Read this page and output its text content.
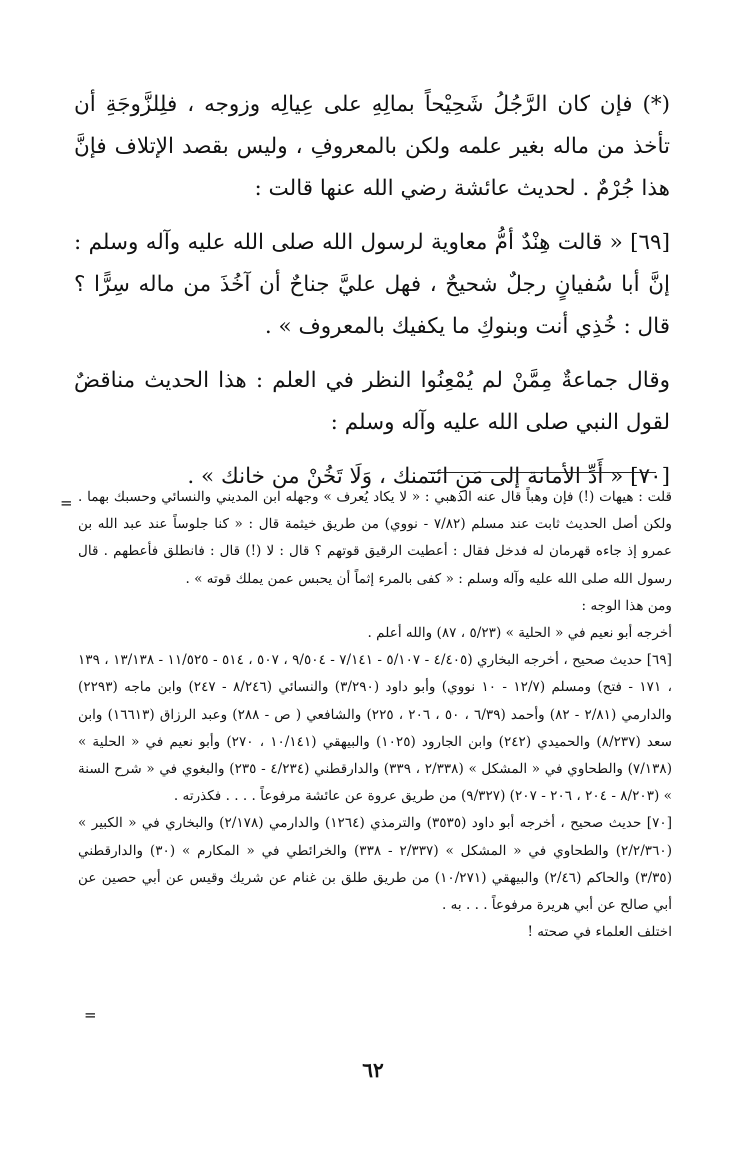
(*) فإن كان الرَّجُلُ شَحِيْحاً بمالِهِ على عِيالِه وزوجه ، فلِلزَّوجَةِ أن تأخذ من ماله بغير علمه ولكن بالمعروفِ ، وليس بقصد الإتلاف فإنَّ هذا جُرْمٌ . لحديث عائشة رضي الله عنها قالت :

[٦٩] « قالت هِنْدٌ أمُّ معاوية لرسول الله صلى الله عليه وآله وسلم : إنَّ أبا سُفيانٍ رجلٌ شحيحٌ ، فهل عليَّ جناحٌ أن آخُذَ من ماله سِرًّا ؟ قال : خُذِي أنت وبنوكِ ما يكفيك بالمعروف » .

وقال جماعةٌ مِمَّنْ لم يُمْعِنُوا النظر في العلم : هذا الحديث مناقضٌ لقول النبي صلى الله عليه وآله وسلم :

[٧٠] « أَدِّ الأمانة إلى مَنِ ائتمنك ، وَلَا تَخُنْ من خانك » .

= قلت : هيهات (!) فإن وهباً قال عنه الذهبي : « لا يكاد يُعرف » وجهله ابن المديني والنسائي وحسبك بهما . ولكن أصل الحديث ثابت عند مسلم (٧/٨٢ - نووي) من طريق خيثمة قال : « كنا جلوساً عند عبد الله بن عمرو إذ جاءه قهرمان له فدخل فقال : أعطيت الرقيق قوتهم ؟ قال : لا (!) قال : فانطلق فأعطهم . قال رسول الله صلى الله عليه وآله وسلم : « كفى بالمرء إثماً أن يحبس عمن يملك قوته » .

ومن هذا الوجه :

أخرجه أبو نعيم في « الحلية » (٥/٢٣ ، ٨٧) والله أعلم .

[٦٩] حديث صحيح ، أخرجه البخاري (٤/٤٠٥ - ٥/١٠٧ - ٧/١٤١ - ٩/٥٠٤ ، ٥٠٧ ، ٥١٤ - ١١/٥٢٥ - ١٣/١٣٨ ، ١٣٩ ، ١٧١ - فتح) ومسلم (١٢/٧ - ١٠ نووي) وأبو داود (٣/٢٩٠) والنسائي (٨/٢٤٦ - ٢٤٧) وابن ماجه (٢٢٩٣) والدارمي (٢/٨١ - ٨٢) وأحمد (٦/٣٩ ، ٥٠ ، ٢٠٦ ، ٢٢٥) والشافعي ( ص - ٢٨٨) وعبد الرزاق (١٦٦١٣) وابن سعد (٨/٢٣٧) والحميدي (٢٤٢) وابن الجارود (١٠٢٥) والبيهقي (١٠/١٤١ ، ٢٧٠) وأبو نعيم في « الحلية » (٧/١٣٨) والطحاوي في « المشكل » (٢/٣٣٨ ، ٣٣٩) والدارقطني (٤/٢٣٤ - ٢٣٥) والبغوي في « شرح السنة » (٨/٢٠٣ - ٢٠٤ ، ٢٠٦ - ٢٠٧) (٩/٣٢٧) من طريق عروة عن عائشة مرفوعاً . . . . فكذرته .

[٧٠] حديث صحيح ، أخرجه أبو داود (٣٥٣٥) والترمذي (١٢٦٤) والدارمي (٢/١٧٨) والبخاري في « الكبير » (٢/٢/٣٦٠) والطحاوي في « المشكل » (٢/٣٣٧ - ٣٣٨) والخرائطي في « المكارم » (٣٠) والدارقطني (٣/٣٥) والحاكم (٢/٤٦) والبيهقي (١٠/٢٧١) من طريق طلق بن غنام عن شريك وقيس عن أبي حصين عن أبي صالح عن أبي هريرة مرفوعاً . . . به .

اختلف العلماء في صحته !

=
٦٢
